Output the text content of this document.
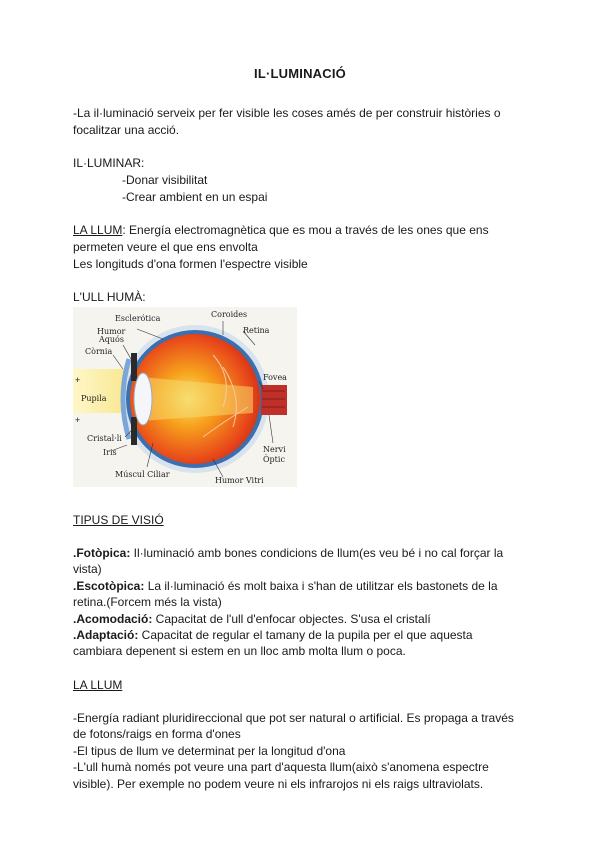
IL·LUMINACIÓ
-La il·luminació serveix per fer visible les coses amés de per construir històries o
focalitzar una acció.
IL·LUMINAR:
-Donar visibilitat
-Crear ambient en un espai
LA LLUM: Energía electromagnètica que es mou a través de les ones que ens
permeten veure el que ens envolta
Les longituds d'ona formen l'espectre visible
L'ULL HUMÀ:
+
+
Esclerótica	Coroides
Retina
Humor
Aquós
Còrnia
Fovea
Pupila
Cristal·li
Iris	Nervi
Òptic
Múscul Ciliar
Humor Vitri
TIPUS DE VISIÓ
.Fotòpica: Il·luminació amb bones condicions de llum(es veu bé i no cal forçar la
vista)
.Escotòpica: La il·luminació és molt baixa i s'han de utilitzar els bastonets de la
retina.(Forcem més la vista)
.Acomodació: Capacitat de l'ull d'enfocar objectes. S'usa el cristalí
.Adaptació: Capacitat de regular el tamany de la pupila per el que aquesta
cambiara depenent si estem en un lloc amb molta llum o poca.
LA LLUM
-Energía radiant pluridireccional que pot ser natural o artificial. Es propaga a través
de fotons/raigs en forma d'ones
-El tipus de llum ve determinat per la longitud d'ona
-L'ull humà només pot veure una part d'aquesta llum(això s'anomena espectre
visible). Per exemple no podem veure ni els infrarojos ni els raigs ultraviolats.
